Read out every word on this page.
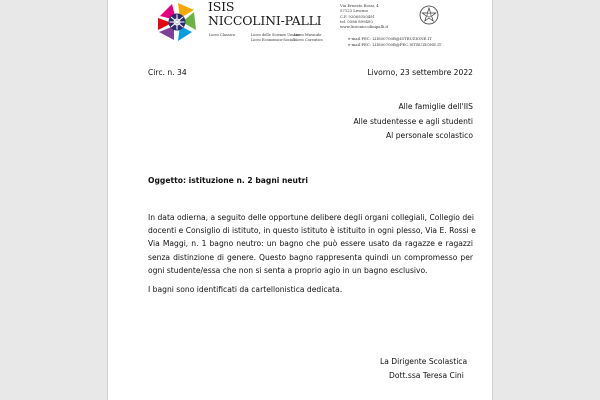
ISIS
NICCOLINI-PALLI
Liceo Classico	Liceo delle Scienze Umane
Liceo Musicale
Liceo Economico-Sociale
Liceo Coreutico
Via Ernesto Rossi, 4
57123 Livorno
C.F. 92069350491
tel. 0586 899400
www.liceoniccolinipalli.it
e-mail PEC: LIIS00700B@ISTRUZIONE.IT
e-mail PEC: LIIS00700B@PEC.ISTRUZIONE.IT
Circ. n. 34	Livorno, 23 settembre 2022
Alle famiglie dell'IIS
Alle studentesse e agli studenti
Al personale scolastico
Oggetto: istituzione n. 2 bagni neutri
In data odierna, a seguito delle opportune delibere degli organi collegiali, Collegio dei
docenti e Consiglio di istituto, in questo istituto è istituito in ogni plesso, Via E. Rossi e
Via Maggi, n. 1 bagno neutro: un bagno che può essere usato da ragazze e ragazzi
senza distinzione di genere. Questo bagno rappresenta quindi un compromesso per
ogni studente/essa che non si senta a proprio agio in un bagno esclusivo.
I bagni sono identificati da cartellonistica dedicata.
La Dirigente Scolastica
Dott.ssa Teresa Cini
